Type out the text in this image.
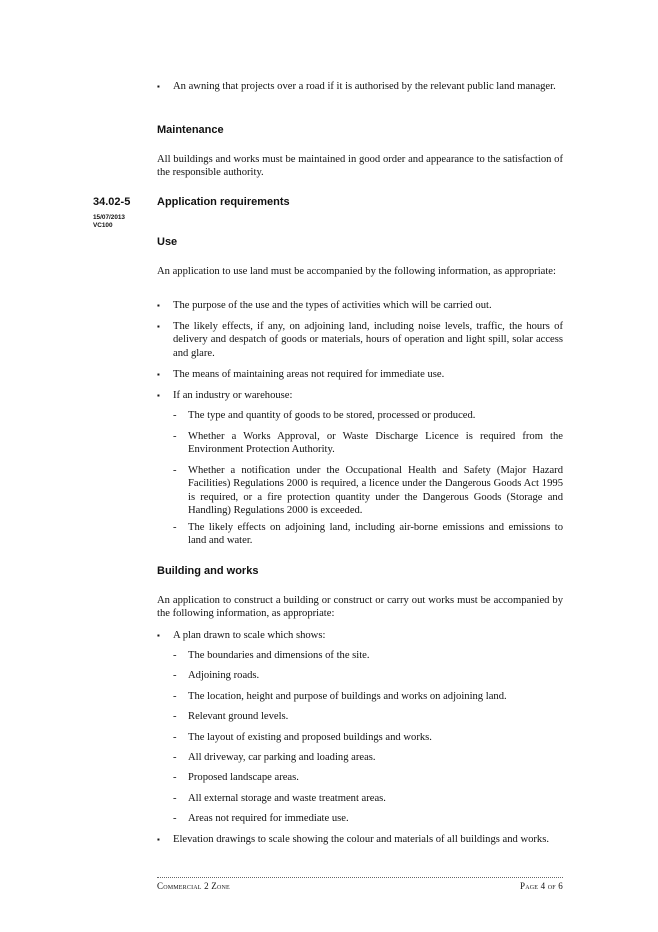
▪	An awning that projects over a road if it is authorised by the relevant public land manager.
Maintenance
All buildings and works must be maintained in good order and appearance to the satisfaction of the responsible authority.
34.02-5
15/07/2013
VC100
Application requirements
Use
An application to use land must be accompanied by the following information, as appropriate:
▪	The purpose of the use and the types of activities which will be carried out.
▪	The likely effects, if any, on adjoining land, including noise levels, traffic, the hours of delivery and despatch of goods or materials, hours of operation and light spill, solar access and glare.
▪	The means of maintaining areas not required for immediate use.
▪	If an industry or warehouse:
- The type and quantity of goods to be stored, processed or produced.
- Whether a Works Approval, or Waste Discharge Licence is required from the Environment Protection Authority.
- Whether a notification under the Occupational Health and Safety (Major Hazard Facilities) Regulations 2000 is required, a licence under the Dangerous Goods Act 1995 is required, or a fire protection quantity under the Dangerous Goods (Storage and Handling) Regulations 2000 is exceeded.
- The likely effects on adjoining land, including air-borne emissions and emissions to land and water.
Building and works
An application to construct a building or construct or carry out works must be accompanied by the following information, as appropriate:
▪	A plan drawn to scale which shows:
- The boundaries and dimensions of the site.
- Adjoining roads.
- The location, height and purpose of buildings and works on adjoining land.
- Relevant ground levels.
- The layout of existing and proposed buildings and works.
- All driveway, car parking and loading areas.
- Proposed landscape areas.
- All external storage and waste treatment areas.
- Areas not required for immediate use.
▪	Elevation drawings to scale showing the colour and materials of all buildings and works.
Commercial 2 Zone	Page 4 of 6
